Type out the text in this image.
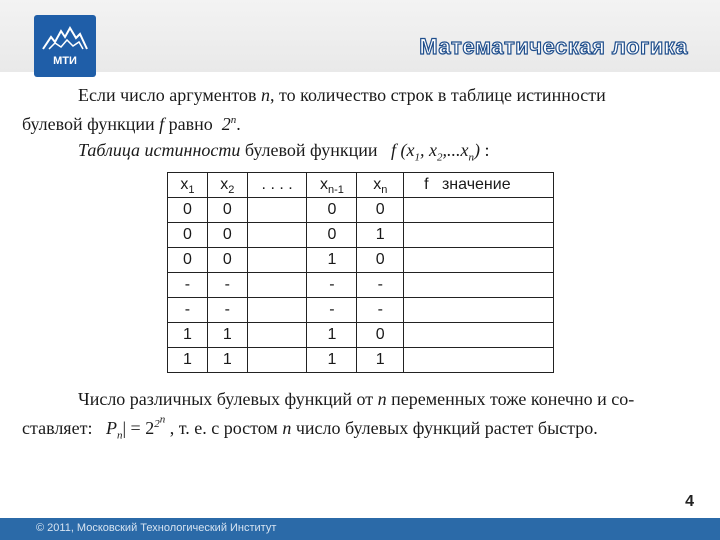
МТИ
Математическая логика
Если число аргументов n, то количество строк в таблице истинности
булевой функции f равно 2$^n$.
Таблица истинности булевой функции f ($x_1$, $x_2,...x_n$) :
$x_1$	$x_2$	. . . .	$x_{n-1}$	$x_n$	f значение
0	0		0	0	
0	0		0	1	
0	0		1	0	
-	-		-	-	
-	-		-	-	
1	1		1	0	
1	1		1	1	
Число различных булевых функций от n переменных тоже конечно и со-
ставляет: $P_n| = 2^{2^n}$ , т. е. с ростом n число булевых функций растет быстро.
4
© 2011, Московский Технологический Институт
